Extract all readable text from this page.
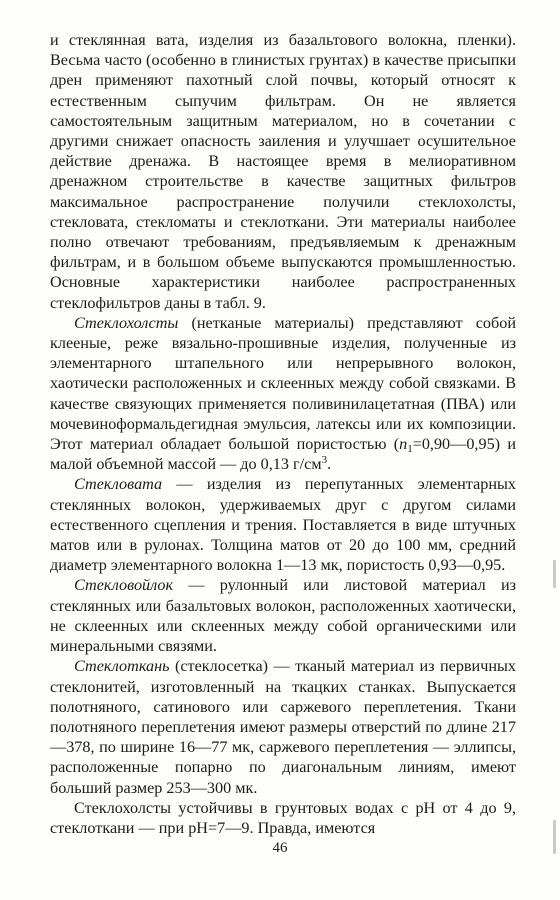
и стеклянная вата, изделия из базальтового волокна, пленки). Весьма часто (особенно в глинистых грунтах) в качестве присыпки дрен применяют пахотный слой почвы, который относят к естественным сыпучим фильтрам. Он не является самостоятельным защитным материалом, но в сочетании с другими снижает опасность заиления и улучшает осушительное действие дренажа. В настоящее время в мелиоративном дренажном строительстве в качестве защитных фильтров максимальное распространение получили стеклохолсты, стекловата, стекломаты и стеклоткани. Эти материалы наиболее полно отвечают требованиям, предъявляемым к дренажным фильтрам, и в большом объеме выпускаются промышленностью. Основные характеристики наиболее распространенных стеклофильтров даны в табл. 9.

Стеклохолсты (нетканые материалы) представляют собой клееные, реже вязально-прошивные изделия, полученные из элементарного штапельного или непрерывного волокон, хаотически расположенных и склеенных между собой связками. В качестве связующих применяется поливинилацетатная (ПВА) или мочевиноформальдегидная эмульсия, латексы или их композиции. Этот материал обладает большой пористостью $(n_1=0,90—0,95)$ и малой объемной массой — до 0,13 $г/см^3$.

Стекловата — изделия из перепутанных элементарных стеклянных волокон, удерживаемых друг с другом силами естественного сцепления и трения. Поставляется в виде штучных матов или в рулонах. Толщина матов от 20 до 100 мм, средний диаметр элементарного волокна 1—13 мк, пористость 0,93—0,95.

Стекловойлок — рулонный или листовой материал из стеклянных или базальтовых волокон, расположенных хаотически, не склеенных или склеенных между собой органическими или минеральными связями.

Стеклоткань (стеклосетка) — тканый материал из первичных стеклонитей, изготовленный на ткацких станках. Выпускается полотняного, сатинового или саржевого переплетения. Ткани полотняного переплетения имеют размеры отверстий по длине 217—378, по ширине 16—77 мк, саржевого переплетения — эллипсы, расположенные попарно по диагональным линиям, имеют больший размер 253—300 мк.

Стеклохолсты устойчивы в грунтовых водах с pH от 4 до 9, стеклоткани — при pH=7—9. Правда, имеются

46
